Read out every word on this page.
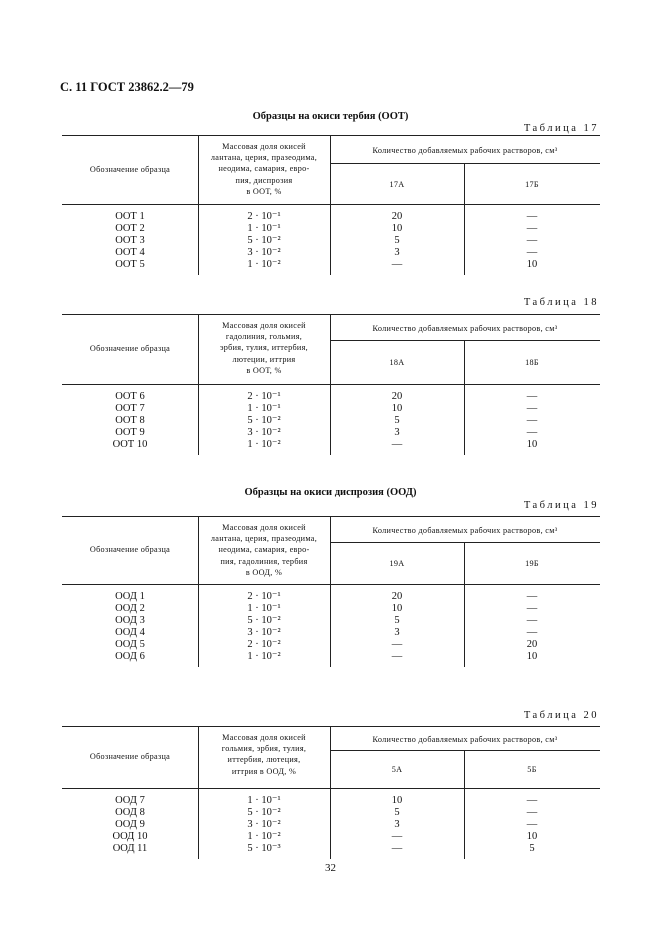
С. 11 ГОСТ 23862.2—79
Образцы на окиси тербия (ООТ)
Образцы на окиси диспрозия (ООД)
Обозначение образца
Массовая доля окисей
лантана, церия, празеодима,
неодима, самария, евро-
пия, диспрозия
в ООТ, %
Количество добавляемых рабочих растворов, см³
17А	17Б
ООТ 1	2 · 10⁻¹	20	—
ООТ 2	1 · 10⁻¹	10	—
ООТ 3	5 · 10⁻²	5	—
ООТ 4	3 · 10⁻²	3	—
ООТ 5	1 · 10⁻²	—	10
Обозначение образца
Массовая доля окисей
гадолиния, гольмия,
эрбия, тулия, иттербия,
лютеции, иттрия
в ООТ, %
Количество добавляемых рабочих растворов, см³
18А	18Б
ООТ 6	2 · 10⁻¹	20	—
ООТ 7	1 · 10⁻¹	10	—
ООТ 8	5 · 10⁻²	5	—
ООТ 9	3 · 10⁻²	3	—
ООТ 10	1 · 10⁻²	—	10
Обозначение образца
Массовая доля окисей
лантана, церия, празеодима,
неодима, самария, евро-
пия, гадолиния, тербия
в ООД, %
Количество добавляемых рабочих растворов, см³
19А	19Б
ООД 1	2 · 10⁻¹	20	—
ООД 2	1 · 10⁻¹	10	—
ООД 3	5 · 10⁻²	5	—
ООД 4	3 · 10⁻²	3	—
ООД 5	2 · 10⁻²	—	20
ООД 6	1 · 10⁻²	—	10
Обозначение образца
Массовая доля окисей
гольмия, эрбия, тулия,
иттербия, лютеция,
иттрия в ООД, %
Количество добавляемых рабочих растворов, см³
5А	5Б
ООД 7	1 · 10⁻¹	10	—
ООД 8	5 · 10⁻²	5	—
ООД 9	3 · 10⁻²	3	—
ООД 10	1 · 10⁻²	—	10
ООД 11	5 · 10⁻³	—	5
32
Таблица 17
Таблица 18
Таблица 19
Таблица 20
